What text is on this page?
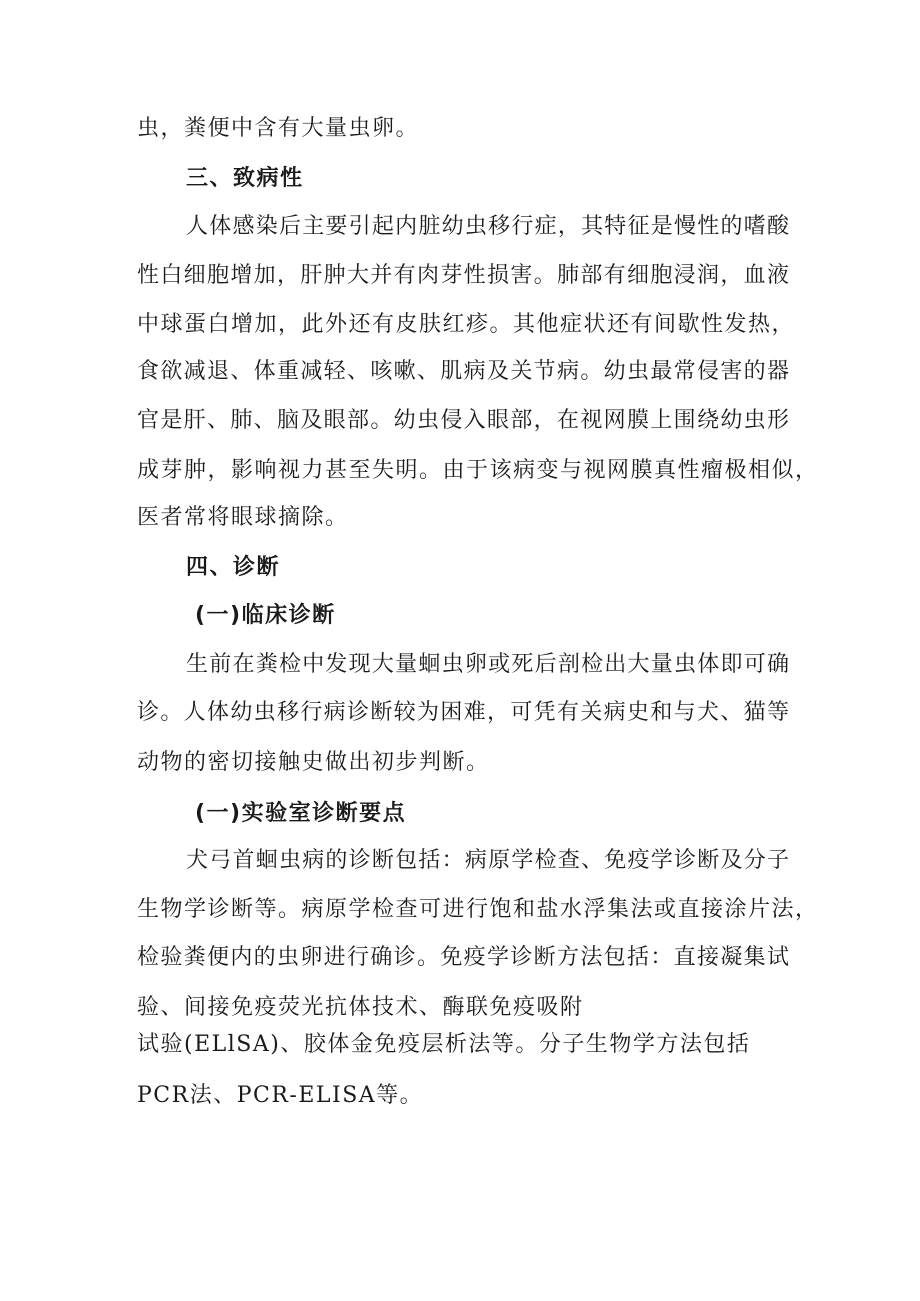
虫，粪便中含有大量虫卵。
三、致病性
人体感染后主要引起内脏幼虫移行症，其特征是慢性的嗜酸
性白细胞增加，肝肿大并有肉芽性损害。肺部有细胞浸润，血液
中球蛋白增加，此外还有皮肤红疹。其他症状还有间歇性发热，
食欲减退、体重减轻、咳嗽、肌病及关节病。幼虫最常侵害的器
官是肝、肺、脑及眼部。幼虫侵入眼部，在视网膜上围绕幼虫形
成芽肿，影响视力甚至失明。由于该病变与视网膜真性瘤极相似，
医者常将眼球摘除。
四、诊断
(一)临床诊断
生前在粪检中发现大量蛔虫卵或死后剖检出大量虫体即可确
诊。人体幼虫移行病诊断较为困难，可凭有关病史和与犬、猫等
动物的密切接触史做出初步判断。
(一)实验室诊断要点
犬弓首蛔虫病的诊断包括：病原学检查、免疫学诊断及分子
生物学诊断等。病原学检查可进行饱和盐水浮集法或直接涂片法，
检验粪便内的虫卵进行确诊。免疫学诊断方法包括：直接凝集试
验、间接免疫荧光抗体技术、酶联免疫吸附
试验(ELlSA)、胶体金免疫层析法等。分子生物学方法包括
PCR法、PCR-ELISA等。
